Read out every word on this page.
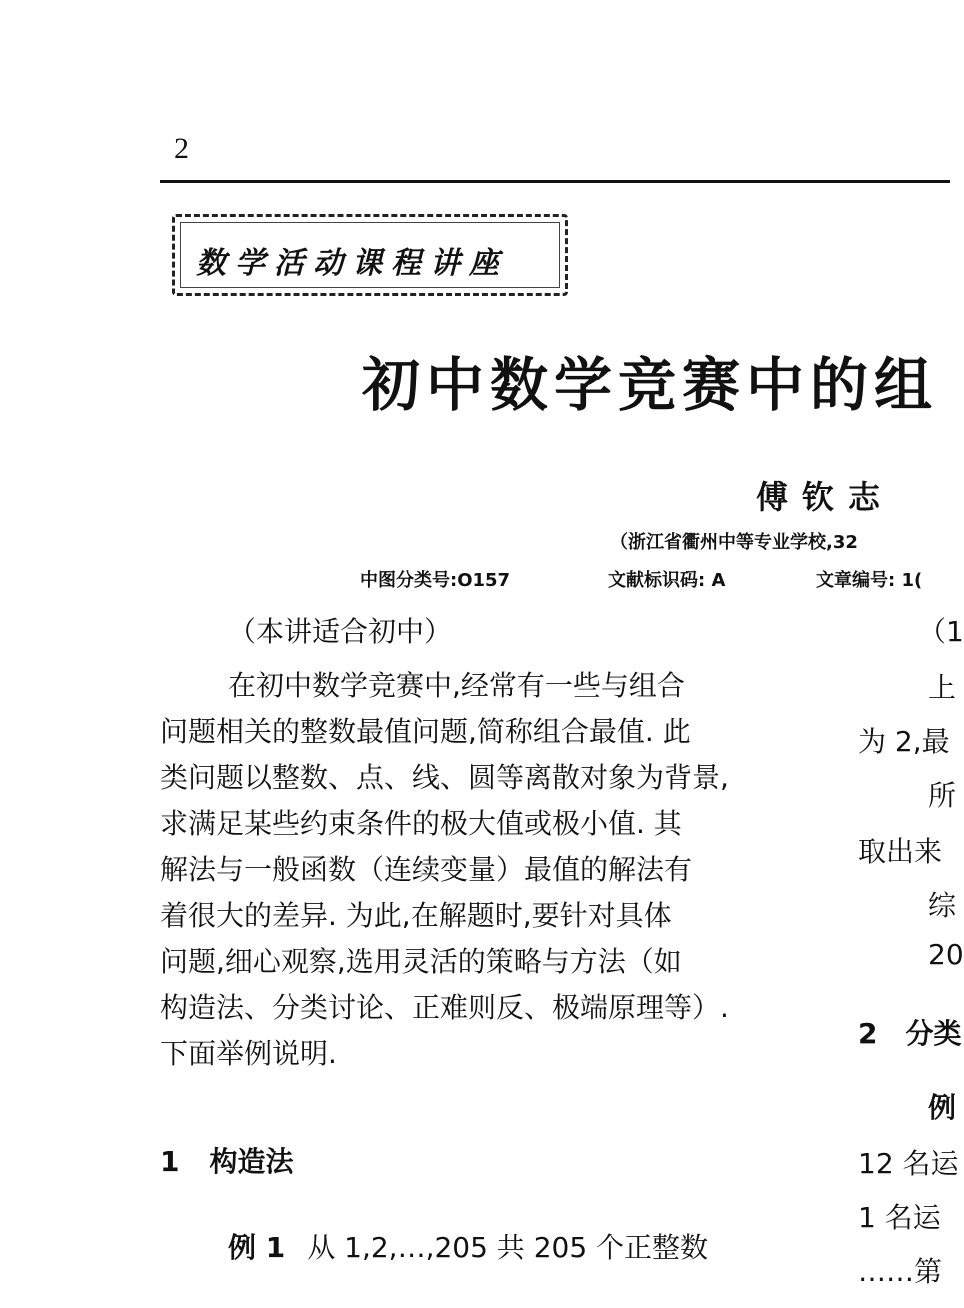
2
数学活动课程讲座
初中数学竞赛中的组
傅钦志
（浙江省衢州中等专业学校,32
中图分类号:O157	文献标识码: A	文章编号: 1(
（本讲适合初中）
在初中数学竞赛中,经常有一些与组合
问题相关的整数最值问题,简称组合最值. 此
类问题以整数、点、线、圆等离散对象为背景,
求满足某些约束条件的极大值或极小值. 其
解法与一般函数（连续变量）最值的解法有
着很大的差异. 为此,在解题时,要针对具体
问题,细心观察,选用灵活的策略与方法（如
构造法、分类讨论、正难则反、极端原理等）.
下面举例说明.
1 构造法
例 1 从 1,2,…,205 共 205 个正整数
（1
上
为 2,最
所
取出来
综
20
2　分类
例
12 名运
1 名运
……第
